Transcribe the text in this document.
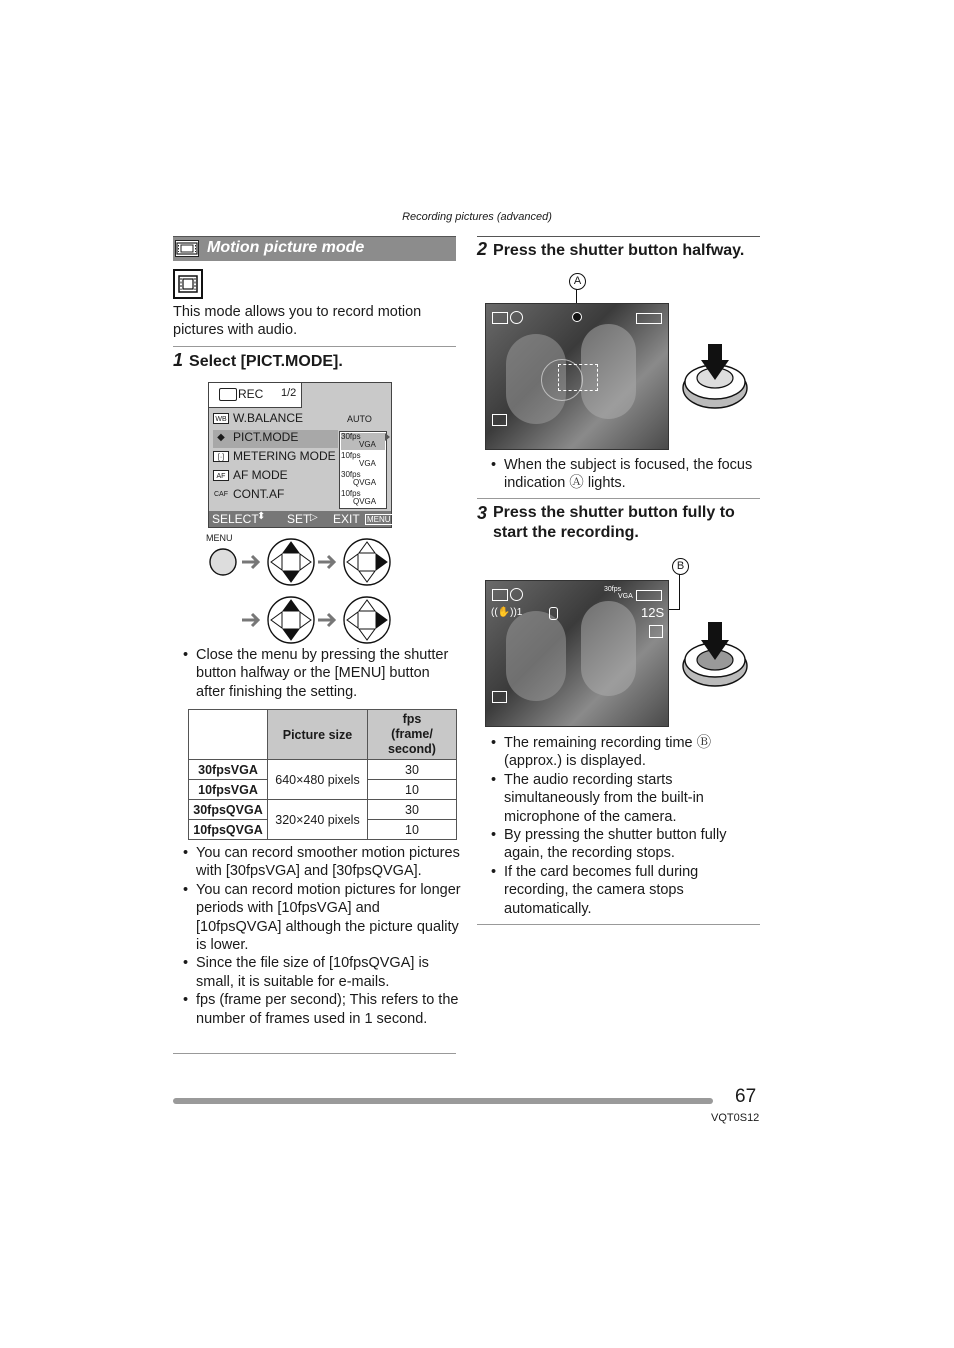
Recording pictures (advanced)
Motion picture mode
This mode allows you to record motion pictures with audio.
1 Select [PICT.MODE].
REC 1/2
WB W.BALANCE
◆ PICT.MODE
[·] METERING MODE
AF AF MODE
CAF CONT.AF
AUTO
30fps
VGA
10fps
VGA
30fps
QVGA
10fps
QVGA
SELECT
⬍ SET ▷ EXIT MENU
MENU
• Close the menu by pressing the shutter button halfway or the [MENU] button after finishing the setting.
	Picture size	fps (frame/ second)

30fpsVGA	640×480 pixels	30
10fpsVGA		10
30fpsQVGA	320×240 pixels	30
10fpsQVGA		10
• You can record smoother motion pictures with [30fpsVGA] and [30fpsQVGA].
• You can record motion pictures for longer periods with [10fpsVGA] and [10fpsQVGA] although the picture quality is lower.
• Since the file size of [10fpsQVGA] is small, it is suitable for e-mails.
• fps (frame per second); This refers to the number of frames used in 1 second.
2 Press the shutter button halfway.
A
• When the subject is focused, the focus indication Ⓐ lights.
3 Press the shutter button fully to start the recording.
B
30fps
VGA
((✋))1	12S
• The remaining recording time Ⓑ (approx.) is displayed.
• The audio recording starts simultaneously from the built-in microphone of the camera.
• By pressing the shutter button fully again, the recording stops.
• If the card becomes full during recording, the camera stops automatically.
67
VQT0S12
